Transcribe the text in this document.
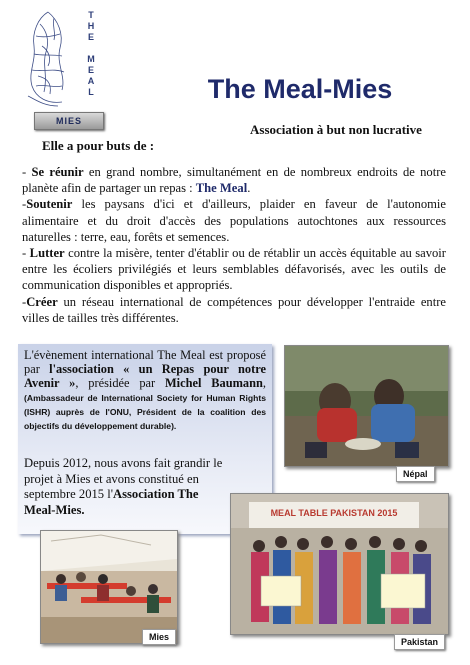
T
H
E

M
E
A
L
MIES
The Meal-Mies

Association à but non lucrative

Elle a pour buts de :

- Se réunir en grand nombre, simultanément en de nombreux endroits de notre planète afin de partager un repas : The Meal.

-Soutenir les paysans d'ici et d'ailleurs, plaider en faveur de l'autonomie alimentaire et du droit d'accès des populations autochtones aux ressources naturelles : terre, eau, forêts et semences.

- Lutter contre la misère, tenter d'établir ou de rétablir un accès équitable au savoir entre les écoliers privilégiés et leurs semblables défavorisés, avec les outils de communication disponibles et appropriés.

-Créer un réseau international de compétences pour développer l'entraide entre villes de tailles très différentes.

L'évènement international The Meal est proposé par l'association « un Repas pour notre Avenir », présidée par Michel Baumann, (Ambassadeur de International Society for Human Rights (ISHR) auprès de l'ONU, Président de la coalition des objectifs du développement durable).

Depuis 2012, nous avons fait grandir le projet à Mies et avons constitué en septembre 2015 l'Association The Meal-Mies.

Népal
Mies
MEAL TABLE PAKISTAN 2015
Pakistan
